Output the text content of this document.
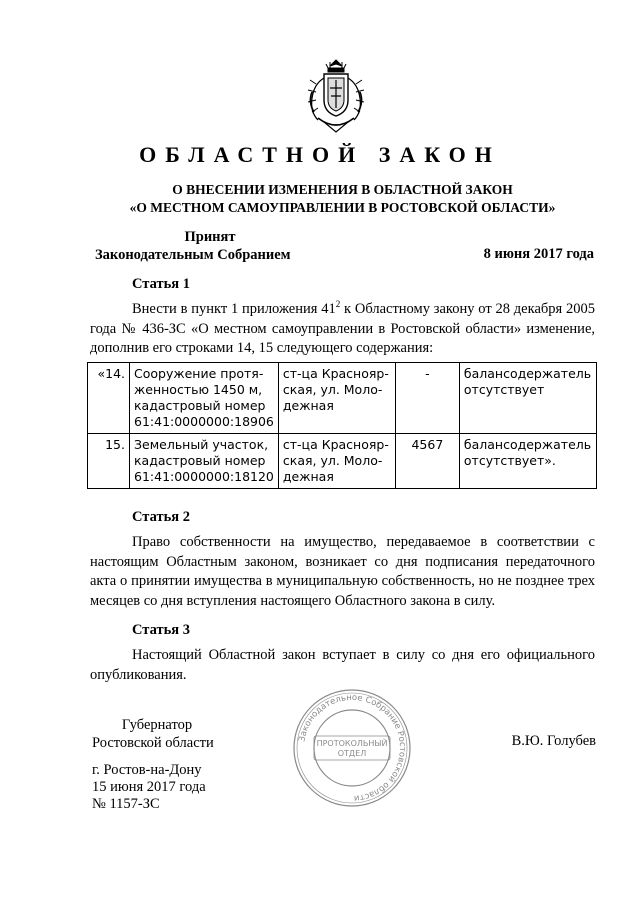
ОБЛАСТНОЙ ЗАКОН
О ВНЕСЕНИИ ИЗМЕНЕНИЯ В ОБЛАСТНОЙ ЗАКОН
«О МЕСТНОМ САМОУПРАВЛЕНИИ В РОСТОВСКОЙ ОБЛАСТИ»
Принят
Законодательным Собранием	8 июня 2017 года
Статья 1
Внести в пункт 1 приложения $41^2$ к Областному закону от 28 декабря 2005 года № 436-ЗС «О местном самоуправлении в Ростовской области» изменение, дополнив его строками 14, 15 следующего содержания:
«14.	Сооружение протя-женностью 1450 м, кадастровый номер 61:41:0000000:18906	ст-ца Краснояр-ская, ул. Моло-дежная	-	балансодержатель отсутствует
15.	Земельный участок, кадастровый номер 61:41:0000000:18120	ст-ца Краснояр-ская, ул. Моло-дежная	4567	балансодержатель отсутствует».
Статья 2
Право собственности на имущество, передаваемое в соответствии с настоящим Областным законом, возникает со дня подписания передаточного акта о принятии имущества в муниципальную собственность, но не позднее трех месяцев со дня вступления настоящего Областного закона в силу.
Статья 3
Настоящий Областной закон вступает в силу со дня его официального опубликования.
Законодательное Собрание Ростовской области
ПРОТОКОЛЬНЫЙ
ОТДЕЛ
Губернатор
Ростовской области	В.Ю. Голубев
г. Ростов-на-Дону
15 июня 2017 года
№ 1157-ЗС
